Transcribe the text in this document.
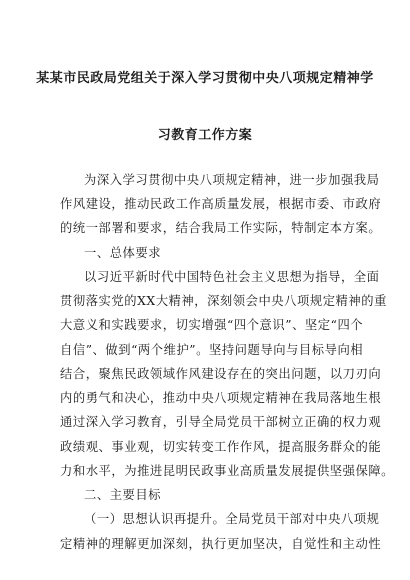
某某市民政局党组关于深入学习贯彻中央八项规定精神学
习教育工作方案
为深入学习贯彻中央八项规定精神，进一步加强我局
作风建设，推动民政工作高质量发展，根据市委、市政府
的统一部署和要求，结合我局工作实际，特制定本方案。
一、总体要求
以习近平新时代中国特色社会主义思想为指导，全面
贯彻落实党的XX大精神，深刻领会中央八项规定精神的重
大意义和实践要求，切实增强“四个意识”、坚定“四个
自信”、做到“两个维护”。坚持问题导向与目标导向相
结合，聚焦民政领域作风建设存在的突出问题，以刀刃向
内的勇气和决心，推动中央八项规定精神在我局落地生根
通过深入学习教育，引导全局党员干部树立正确的权力观
政绩观、事业观，切实转变工作作风，提高服务群众的能
力和水平，为推进昆明民政事业高质量发展提供坚强保障。
二、主要目标
（一）思想认识再提升。全局党员干部对中央八项规
定精神的理解更加深刻，执行更加坚决，自觉性和主动性
